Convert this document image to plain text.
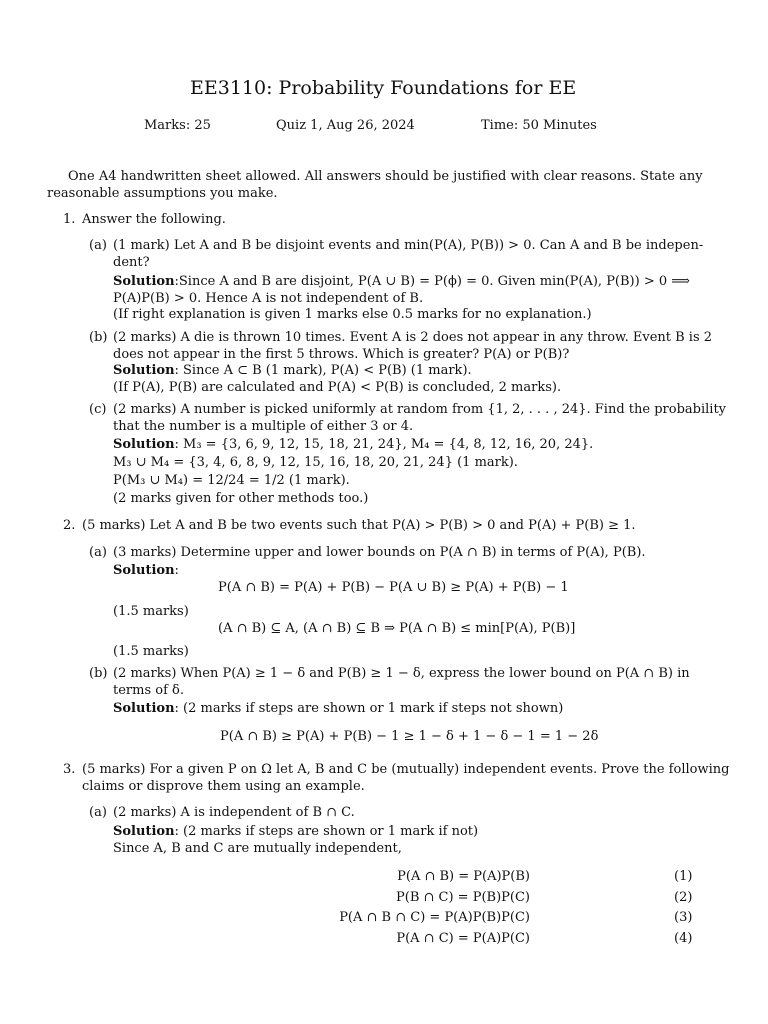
EE3110: Probability Foundations for EE
Marks: 25	Quiz 1, Aug 26, 2024	Time: 50 Minutes
One A4 handwritten sheet allowed. All answers should be justified with clear reasons. State any
reasonable assumptions you make.
1. Answer the following.
(a) (1 mark) Let A and B be disjoint events and min(P(A), P(B)) > 0. Can A and B be indepen-
dent?
Solution:Since A and B are disjoint, P(A ∪ B) = P(ϕ) = 0. Given min(P(A), P(B)) > 0 ⟹
P(A)P(B) > 0. Hence A is not independent of B.
(If right explanation is given 1 marks else 0.5 marks for no explanation.)
(b) (2 marks) A die is thrown 10 times. Event A is 2 does not appear in any throw. Event B is 2
does not appear in the first 5 throws. Which is greater? P(A) or P(B)?
Solution: Since A ⊂ B (1 mark), P(A) < P(B) (1 mark).
(If P(A), P(B) are calculated and P(A) < P(B) is concluded, 2 marks).
(c) (2 marks) A number is picked uniformly at random from {1, 2, . . . , 24}. Find the probability
that the number is a multiple of either 3 or 4.
Solution: M₃ = {3, 6, 9, 12, 15, 18, 21, 24}, M₄ = {4, 8, 12, 16, 20, 24}.
M₃ ∪ M₄ = {3, 4, 6, 8, 9, 12, 15, 16, 18, 20, 21, 24} (1 mark).
P(M₃ ∪ M₄) = 12/24 = 1/2 (1 mark).
(2 marks given for other methods too.)
2. (5 marks) Let A and B be two events such that P(A) > P(B) > 0 and P(A) + P(B) ≥ 1.
(a) (3 marks) Determine upper and lower bounds on P(A ∩ B) in terms of P(A), P(B).
Solution:
P(A ∩ B) = P(A) + P(B) − P(A ∪ B) ≥ P(A) + P(B) − 1
(1.5 marks)
(A ∩ B) ⊆ A, (A ∩ B) ⊆ B ⇒ P(A ∩ B) ≤ min[P(A), P(B)]
(1.5 marks)
(b) (2 marks) When P(A) ≥ 1 − δ and P(B) ≥ 1 − δ, express the lower bound on P(A ∩ B) in
terms of δ.
Solution: (2 marks if steps are shown or 1 mark if steps not shown)
P(A ∩ B) ≥ P(A) + P(B) − 1 ≥ 1 − δ + 1 − δ − 1 = 1 − 2δ
3. (5 marks) For a given P on Ω let A, B and C be (mutually) independent events. Prove the following
claims or disprove them using an example.
(a) (2 marks) A is independent of B ∩ C.
Solution: (2 marks if steps are shown or 1 mark if not)
Since A, B and C are mutually independent,
P(A ∩ B) = P(A)P(B)	(1)
P(B ∩ C) = P(B)P(C)	(2)
P(A ∩ B ∩ C) = P(A)P(B)P(C)	(3)
P(A ∩ C) = P(A)P(C)	(4)
